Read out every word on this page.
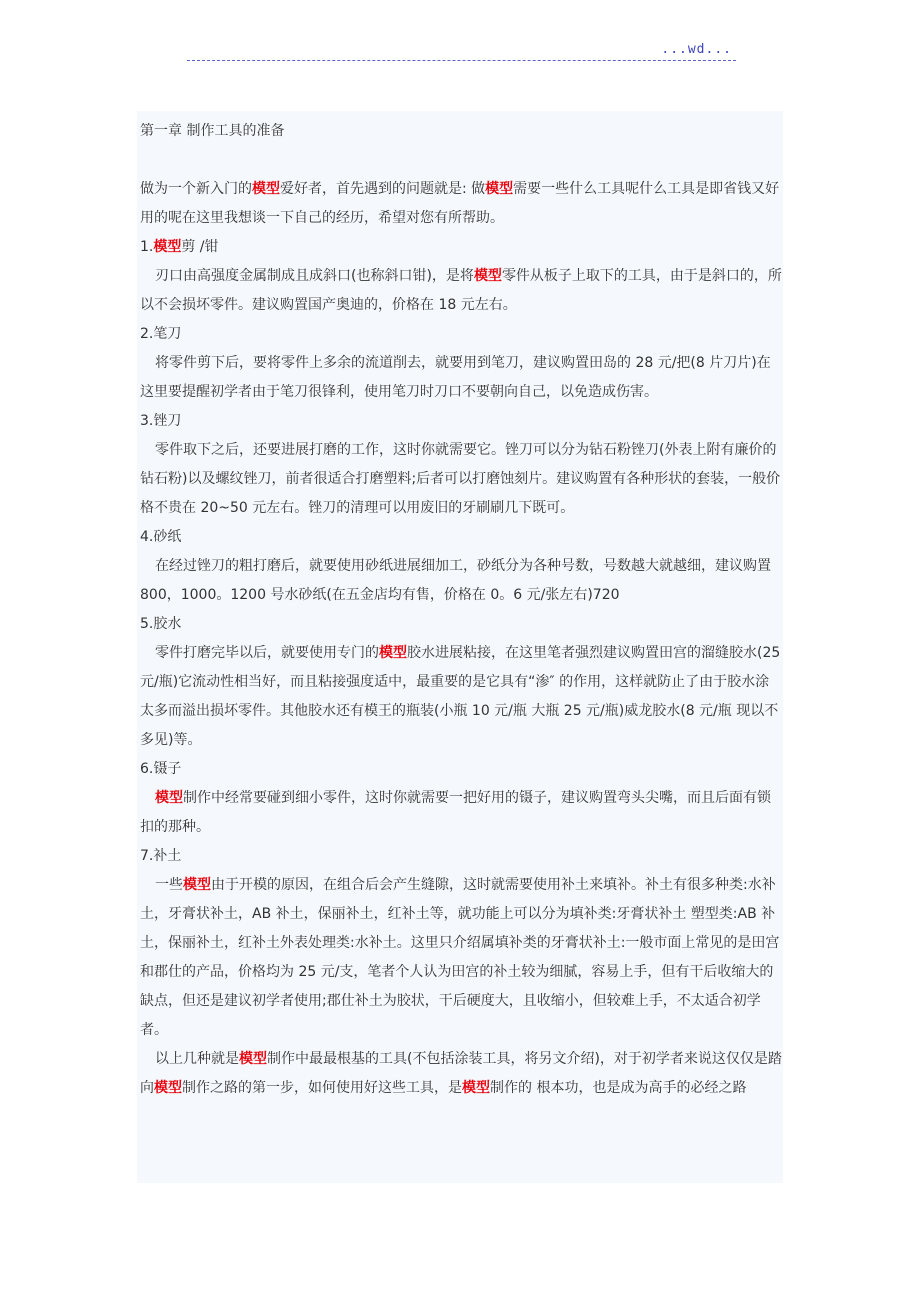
...wd...
第一章 制作工具的准备

做为一个新入门的模型爱好者，首先遇到的问题就是: 做模型需要一些什么工具呢什么工具是即省钱又好用的呢在这里我想谈一下自己的经历，希望对您有所帮助。

1.模型剪 /钳

刃口由高强度金属制成且成斜口(也称斜口钳)，是将模型零件从板子上取下的工具，由于是斜口的，所以不会损坏零件。建议购置国产奥迪的，价格在 18 元左右。

2.笔刀

将零件剪下后，要将零件上多余的流道削去，就要用到笔刀，建议购置田岛的 28 元/把(8 片刀片)在这里要提醒初学者由于笔刀很锋利，使用笔刀时刀口不要朝向自己，以免造成伤害。

3.锉刀

零件取下之后，还要进展打磨的工作，这时你就需要它。锉刀可以分为钻石粉锉刀(外表上附有廉价的钻石粉)以及螺纹锉刀，前者很适合打磨塑料;后者可以打磨蚀刻片。建议购置有各种形状的套装，一般价格不贵在 20~50 元左右。锉刀的清理可以用废旧的牙刷刷几下既可。

4.砂纸

在经过锉刀的粗打磨后，就要使用砂纸进展细加工，砂纸分为各种号数，号数越大就越细，建议购置 800，1000。1200 号水砂纸(在五金店均有售，价格在 0。6 元/张左右)720

5.胶水

零件打磨完毕以后，就要使用专门的模型胶水进展粘接，在这里笔者强烈建议购置田宫的溜缝胶水(25 元/瓶)它流动性相当好，而且粘接强度适中，最重要的是它具有“渗″ 的作用，这样就防止了由于胶水涂太多而溢出损坏零件。其他胶水还有模王的瓶装(小瓶 10 元/瓶 大瓶 25 元/瓶)威龙胶水(8 元/瓶 现以不多见)等。

6.镊子

模型制作中经常要碰到细小零件，这时你就需要一把好用的镊子，建议购置弯头尖嘴，而且后面有锁扣的那种。

7.补土

一些模型由于开模的原因，在组合后会产生缝隙，这时就需要使用补土来填补。补土有很多种类:水补土，牙膏状补土，AB 补土，保丽补土，红补土等，就功能上可以分为填补类:牙膏状补土 塑型类:AB 补土，保丽补土，红补土外表处理类:水补土。这里只介绍属填补类的牙膏状补土:一般市面上常见的是田宫和郡仕的产品，价格均为 25 元/支，笔者个人认为田宫的补土较为细腻，容易上手，但有干后收缩大的缺点，但还是建议初学者使用;郡仕补土为胶状，干后硬度大，且收缩小，但较难上手，不太适合初学者。

以上几种就是模型制作中最最根基的工具(不包括涂装工具，将另文介绍)，对于初学者来说这仅仅是踏向模型制作之路的第一步，如何使用好这些工具，是模型制作的 根本功，也是成为高手的必经之路
